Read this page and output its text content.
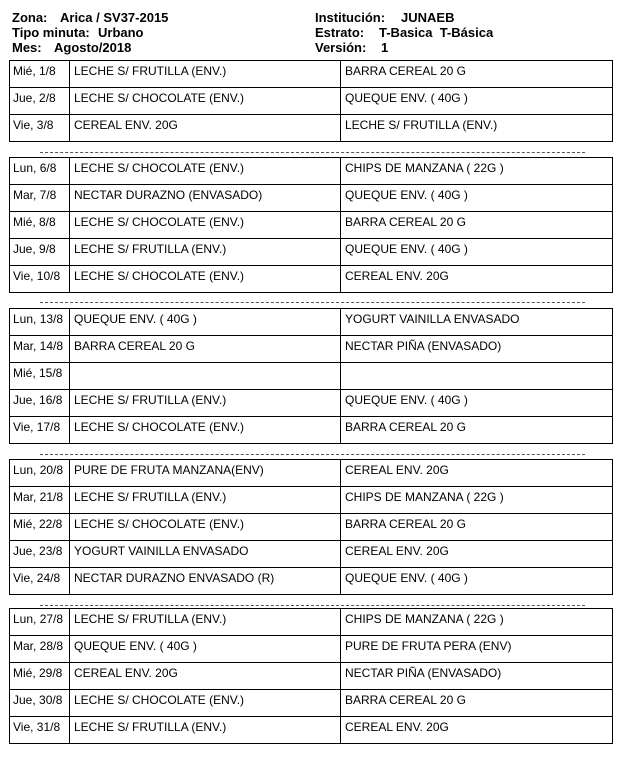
Zona: Arica / SV37-2015
Tipo minuta: Urbano
Mes: Agosto/2018
Institución: JUNAEB
Estrato: T-Basica  T-Básica
Versión: 1
Mié, 1/8 LECHE S/ FRUTILLA (ENV.)	BARRA CEREAL 20 G
Jue, 2/8 LECHE S/ CHOCOLATE (ENV.)	QUEQUE ENV. ( 40G )
Vie, 3/8 CEREAL ENV. 20G	LECHE S/ FRUTILLA (ENV.)
Lun, 6/8 LECHE S/ CHOCOLATE (ENV.)	CHIPS DE MANZANA ( 22G )
Mar, 7/8 NECTAR DURAZNO (ENVASADO)	QUEQUE ENV. ( 40G )
Mié, 8/8 LECHE S/ CHOCOLATE (ENV.)	BARRA CEREAL 20 G
Jue, 9/8 LECHE S/ FRUTILLA (ENV.)	QUEQUE ENV. ( 40G )
Vie, 10/8 LECHE S/ CHOCOLATE (ENV.)	CEREAL ENV. 20G
Lun, 13/8 QUEQUE ENV. ( 40G )	YOGURT VAINILLA ENVASADO
Mar, 14/8 BARRA CEREAL 20 G	NECTAR PIÑA (ENVASADO)
Mié, 15/8
Jue, 16/8 LECHE S/ FRUTILLA (ENV.)	QUEQUE ENV. ( 40G )
Vie, 17/8 LECHE S/ CHOCOLATE (ENV.)	BARRA CEREAL 20 G
Lun, 20/8 PURE DE FRUTA MANZANA(ENV)	CEREAL ENV. 20G
Mar, 21/8 LECHE S/ FRUTILLA (ENV.)	CHIPS DE MANZANA ( 22G )
Mié, 22/8 LECHE S/ CHOCOLATE (ENV.)	BARRA CEREAL 20 G
Jue, 23/8 YOGURT VAINILLA ENVASADO	CEREAL ENV. 20G
Vie, 24/8 NECTAR DURAZNO ENVASADO (R)	QUEQUE ENV. ( 40G )
Lun, 27/8 LECHE S/ FRUTILLA (ENV.)	CHIPS DE MANZANA ( 22G )
Mar, 28/8 QUEQUE ENV. ( 40G )	PURE DE FRUTA PERA (ENV)
Mié, 29/8 CEREAL ENV. 20G	NECTAR PIÑA (ENVASADO)
Jue, 30/8 LECHE S/ CHOCOLATE (ENV.)	BARRA CEREAL 20 G
Vie, 31/8 LECHE S/ FRUTILLA (ENV.)	CEREAL ENV. 20G
